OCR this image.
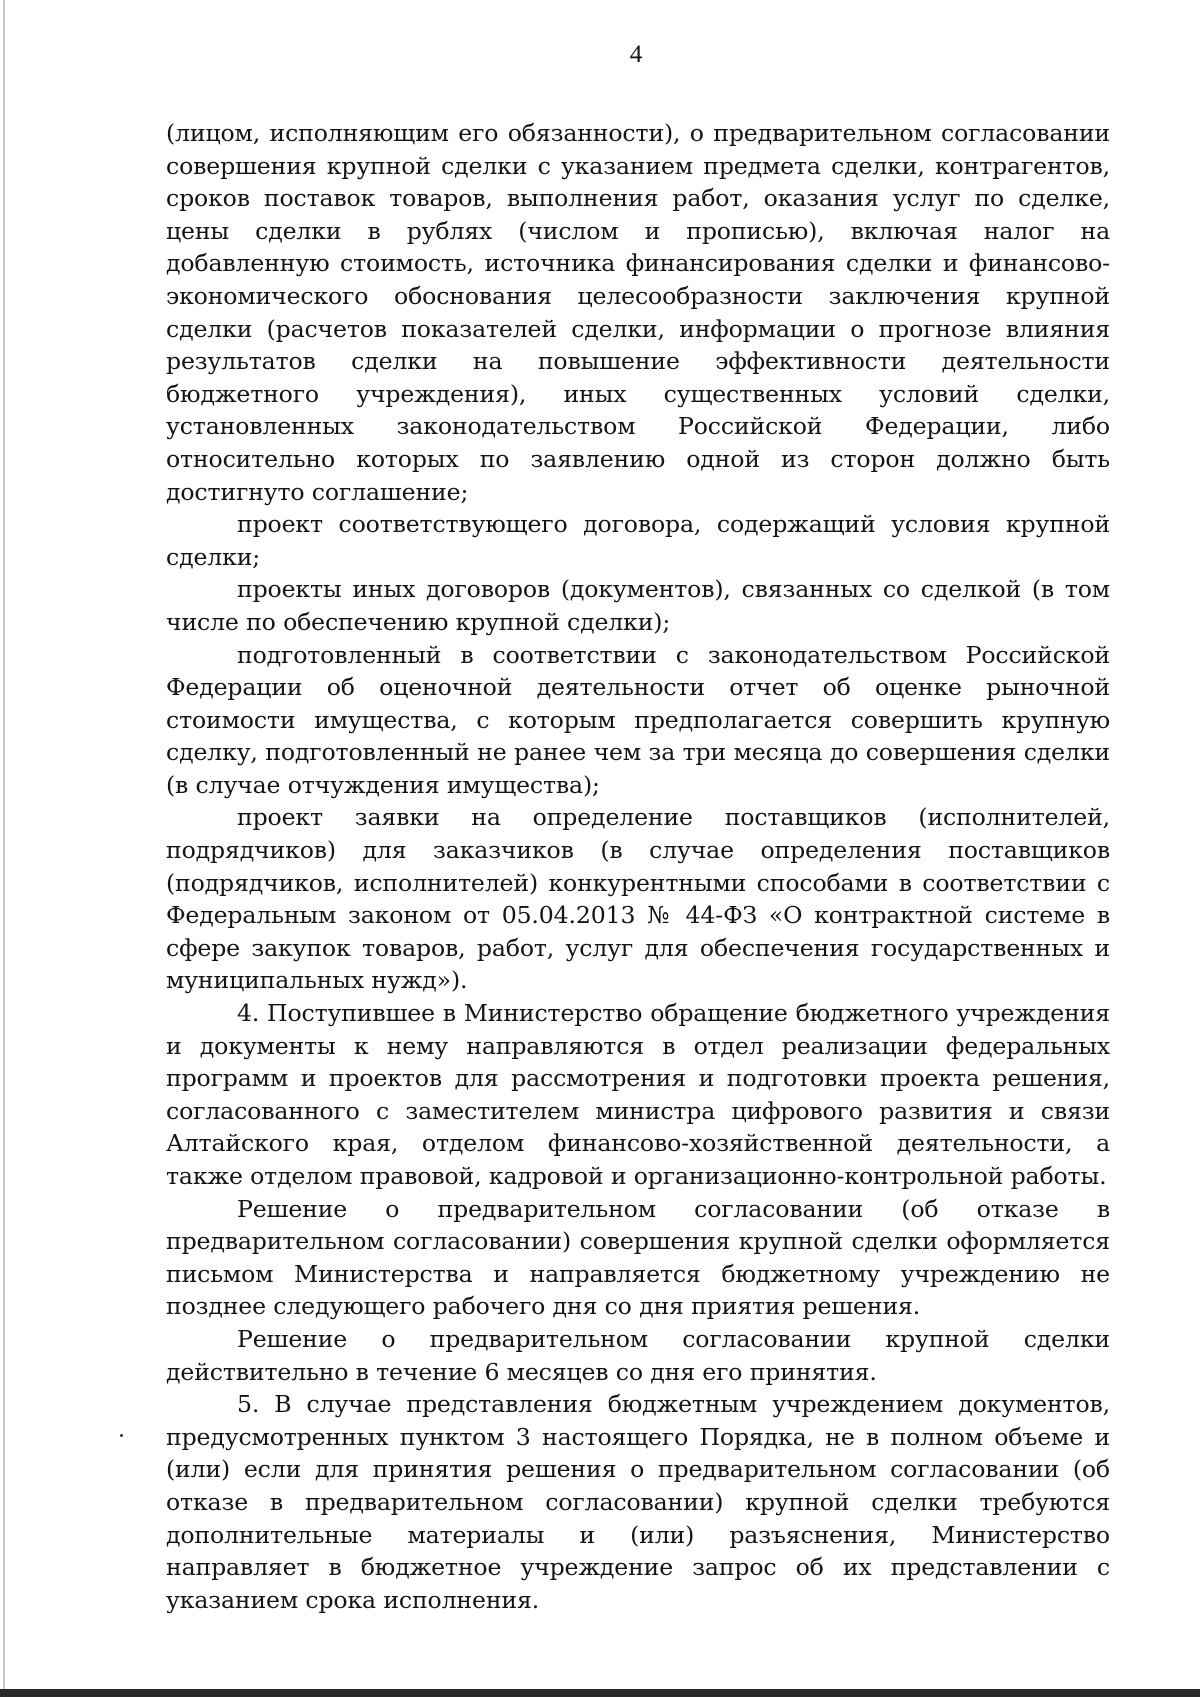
4

(лицом, исполняющим его обязанности), о предварительном согласовании совершения крупной сделки с указанием предмета сделки, контрагентов, сроков поставок товаров, выполнения работ, оказания услуг по сделке, цены сделки в рублях (числом и прописью), включая налог на добавленную стоимость, источника финансирования сделки и финансово-экономического обоснования целесообразности заключения крупной сделки (расчетов показателей сделки, информации о прогнозе влияния результатов сделки на повышение эффективности деятельности бюджетного учреждения), иных существенных условий сделки, установленных законодательством Российской Федерации, либо относительно которых по заявлению одной из сторон должно быть достигнуто соглашение;

проект соответствующего договора, содержащий условия крупной сделки;

проекты иных договоров (документов), связанных со сделкой (в том числе по обеспечению крупной сделки);

подготовленный в соответствии с законодательством Российской Федерации об оценочной деятельности отчет об оценке рыночной стоимости имущества, с которым предполагается совершить крупную сделку, подготовленный не ранее чем за три месяца до совершения сделки (в случае отчуждения имущества);

проект заявки на определение поставщиков (исполнителей, подрядчиков) для заказчиков (в случае определения поставщиков (подрядчиков, исполнителей) конкурентными способами в соответствии с Федеральным законом от 05.04.2013 № 44-ФЗ «О контрактной системе в сфере закупок товаров, работ, услуг для обеспечения государственных и муниципальных нужд»).

4. Поступившее в Министерство обращение бюджетного учреждения и документы к нему направляются в отдел реализации федеральных программ и проектов для рассмотрения и подготовки проекта решения, согласованного с заместителем министра цифрового развития и связи Алтайского края, отделом финансово-хозяйственной деятельности, а также отделом правовой, кадровой и организационно-контрольной работы.

Решение о предварительном согласовании (об отказе в предварительном согласовании) совершения крупной сделки оформляется письмом Министерства и направляется бюджетному учреждению не позднее следующего рабочего дня со дня приятия решения.

Решение о предварительном согласовании крупной сделки действительно в течение 6 месяцев со дня его принятия.

5. В случае представления бюджетным учреждением документов, предусмотренных пунктом 3 настоящего Порядка, не в полном объеме и (или) если для принятия решения о предварительном согласовании (об отказе в предварительном согласовании) крупной сделки требуются дополнительные материалы и (или) разъяснения, Министерство направляет в бюджетное учреждение запрос об их представлении с указанием срока исполнения.
